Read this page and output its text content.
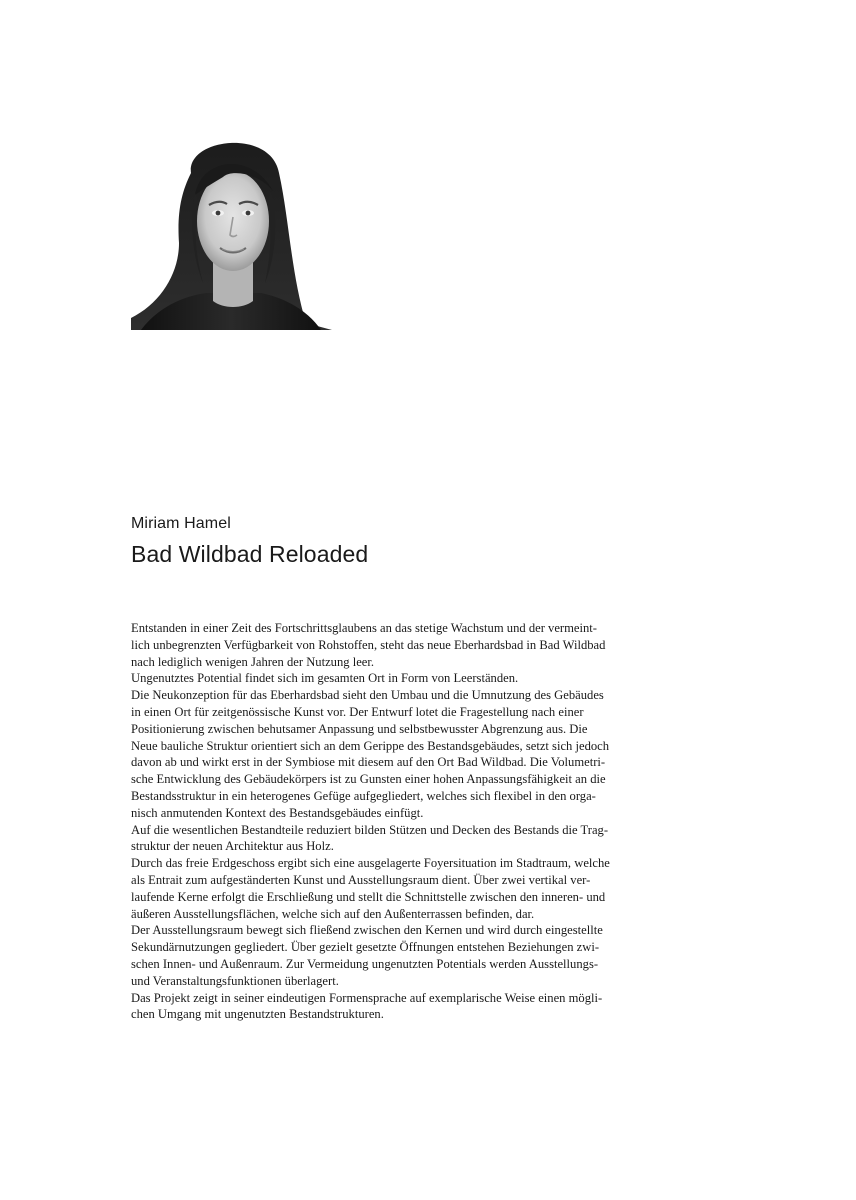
Miriam Hamel
Bad Wildbad Reloaded
Entstanden in einer Zeit des Fortschrittsglaubens an das stetige Wachstum und der vermeint-
lich unbegrenzten Verfügbarkeit von Rohstoffen, steht das neue Eberhardsbad in Bad Wildbad
nach lediglich wenigen Jahren der Nutzung leer.
Ungenutztes Potential findet sich im gesamten Ort in Form von Leerständen.
Die Neukonzeption für das Eberhardsbad sieht den Umbau und die Umnutzung des Gebäudes
in einen Ort für zeitgenössische Kunst vor. Der Entwurf lotet die Fragestellung nach einer
Positionierung zwischen behutsamer Anpassung und selbstbewusster Abgrenzung aus. Die
Neue bauliche Struktur orientiert sich an dem Gerippe des Bestandsgebäudes, setzt sich jedoch
davon ab und wirkt erst in der Symbiose mit diesem auf den Ort Bad Wildbad. Die Volumetri-
sche Entwicklung des Gebäudekörpers ist zu Gunsten einer hohen Anpassungsfähigkeit an die
Bestandsstruktur in ein heterogenes Gefüge aufgegliedert, welches sich flexibel in den orga-
nisch anmutenden Kontext des Bestandsgebäudes einfügt.
Auf die wesentlichen Bestandteile reduziert bilden Stützen und Decken des Bestands die Trag-
struktur der neuen Architektur aus Holz.
Durch das freie Erdgeschoss ergibt sich eine ausgelagerte Foyersituation im Stadtraum, welche
als Entrait zum aufgeständerten Kunst und Ausstellungsraum dient. Über zwei vertikal ver-
laufende Kerne erfolgt die Erschließung und stellt die Schnittstelle zwischen den inneren- und
äußeren Ausstellungsflächen, welche sich auf den Außenterrassen befinden, dar.
Der Ausstellungsraum bewegt sich fließend zwischen den Kernen und wird durch eingestellte
Sekundärnutzungen gegliedert. Über gezielt gesetzte Öffnungen entstehen Beziehungen zwi-
schen Innen- und Außenraum. Zur Vermeidung ungenutzten Potentials werden Ausstellungs-
und Veranstaltungsfunktionen überlagert.
Das Projekt zeigt in seiner eindeutigen Formensprache auf exemplarische Weise einen mögli-
chen Umgang mit ungenutzten Bestandstrukturen.
